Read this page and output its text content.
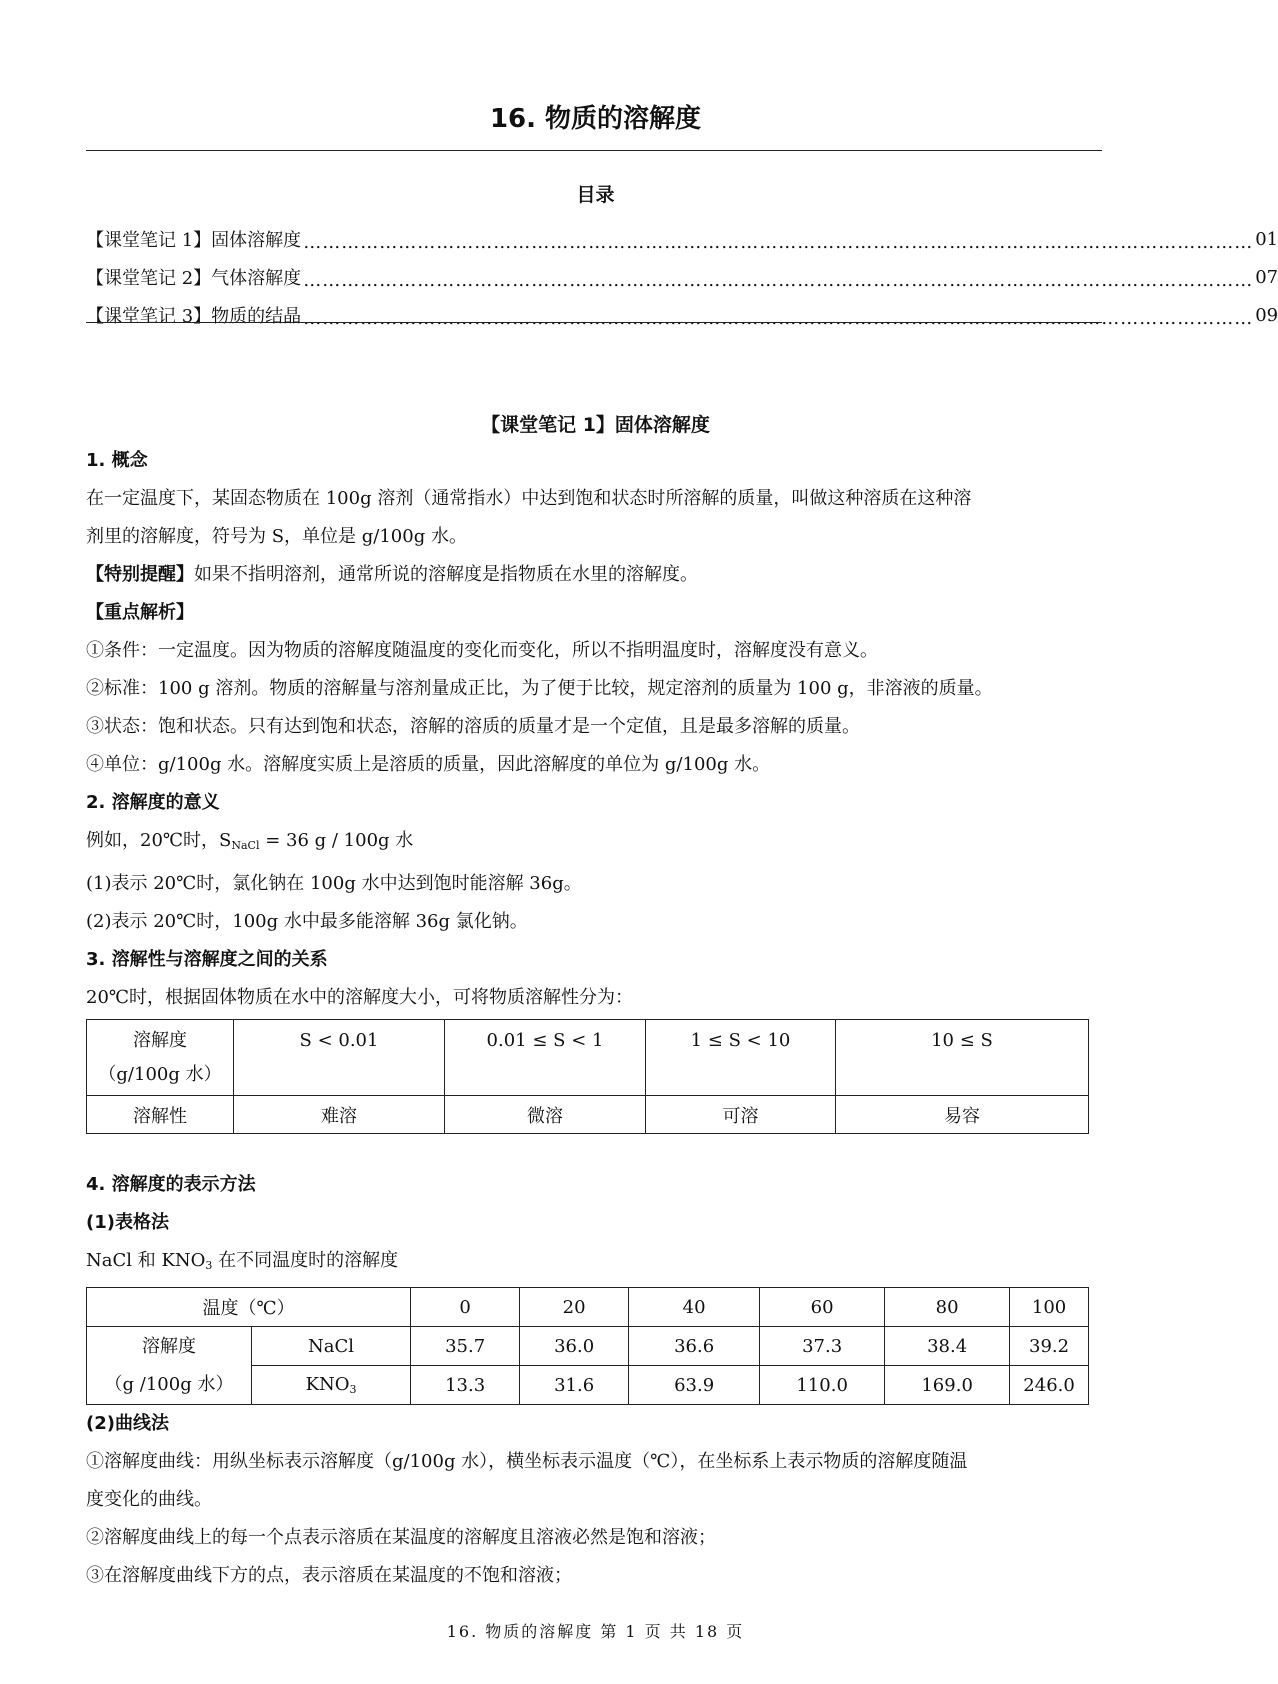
16. 物质的溶解度
目录
【课堂笔记 1】固体溶解度 …………………………………………………………………………………………………………………………………… 01
【课堂笔记 2】气体溶解度 …………………………………………………………………………………………………………………………………… 07
【课堂笔记 3】物质的结晶 …………………………………………………………………………………………………………………………………… 09
【课堂笔记 1】固体溶解度
1. 概念
在一定温度下，某固态物质在 100g 溶剂（通常指水）中达到饱和状态时所溶解的质量，叫做这种溶质在这种溶
剂里的溶解度，符号为 S，单位是 g/100g 水。
【特别提醒】如果不指明溶剂，通常所说的溶解度是指物质在水里的溶解度。
【重点解析】
①条件：一定温度。因为物质的溶解度随温度的变化而变化，所以不指明温度时，溶解度没有意义。
②标准：100 g 溶剂。物质的溶解量与溶剂量成正比，为了便于比较，规定溶剂的质量为 100 g，非溶液的质量。
③状态：饱和状态。只有达到饱和状态，溶解的溶质的质量才是一个定值，且是最多溶解的质量。
④单位：g/100g 水。溶解度实质上是溶质的质量，因此溶解度的单位为 g/100g 水。
2. 溶解度的意义
例如，20℃时，$S_{NaCl} = 36$ g / 100g 水
(1)表示 20℃时，氯化钠在 100g 水中达到饱时能溶解 36g。
(2)表示 20℃时，100g 水中最多能溶解 36g 氯化钠。
3. 溶解性与溶解度之间的关系
20℃时，根据固体物质在水中的溶解度大小，可将物质溶解性分为：
溶解度
（g/100g 水）	S < 0.01	0.01 ≤ S < 1	1 ≤ S < 10	10 ≤ S

溶解性	难溶	微溶	可溶	易容
4. 溶解度的表示方法
(1)表格法
NaCl 和 $KNO_3$ 在不同温度时的溶解度
温度（℃）		0	20	40	60	80	100

溶解度
（g /100g 水）	NaCl	35.7	36.0	36.6	37.3	38.4	39.2
	$KNO_3$	13.3	31.6	63.9	110.0	169.0	246.0
(2)曲线法
①溶解度曲线：用纵坐标表示溶解度（g/100g 水），横坐标表示温度（℃），在坐标系上表示物质的溶解度随温
度变化的曲线。
②溶解度曲线上的每一个点表示溶质在某温度的溶解度且溶液必然是饱和溶液；
③在溶解度曲线下方的点，表示溶质在某温度的不饱和溶液；
16. 物质的溶解度 第 1 页 共 18 页
